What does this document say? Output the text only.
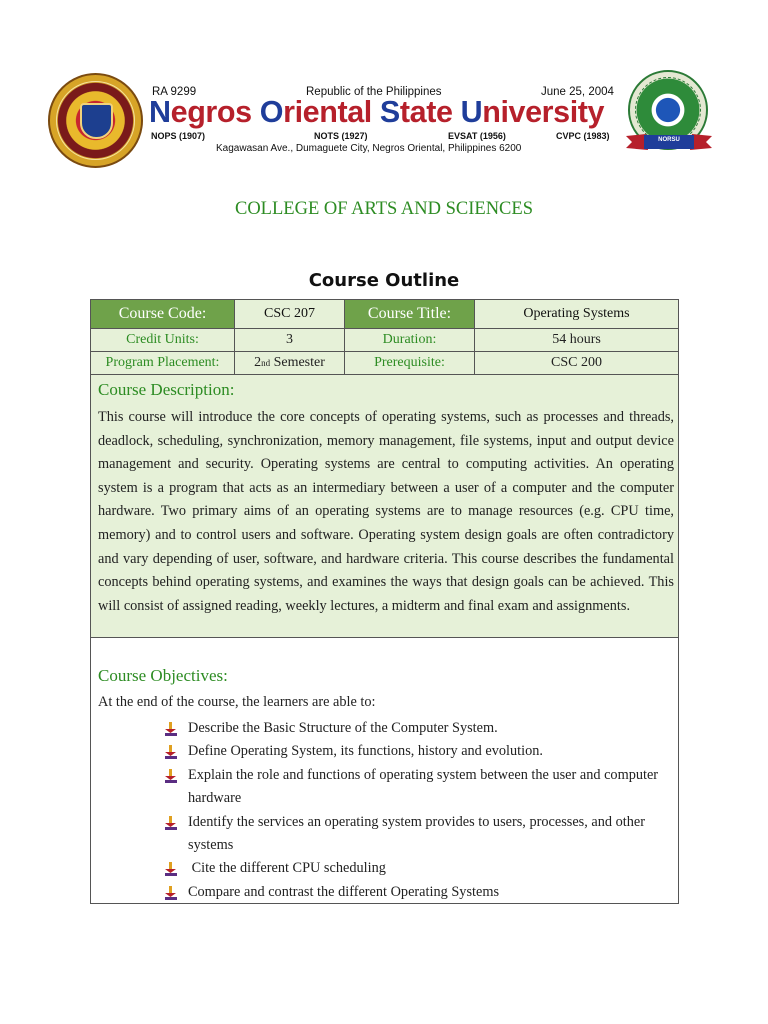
RA 9299	Republic of the Philippines	June 25, 2004
Negros Oriental State University
NOPS (1907)	NOTS (1927)	EVSAT (1956)	CVPC (1983)
Kagawasan Ave., Dumaguete City, Negros Oriental, Philippines 6200
NORSU
COLLEGE OF ARTS AND SCIENCES
Course Outline
Course Code:	CSC 207	Course Title:	Operating Systems
Credit Units:	3	Duration:	54 hours
Program Placement:	2 nd Semester	Prerequisite:	CSC 200
Course Description:
This course will introduce the core concepts of operating systems, such as processes and threads, deadlock, scheduling, synchronization, memory management, file systems, input and output device management and security. Operating systems are central to computing activities. An operating system is a program that acts as an intermediary between a user of a computer and the computer hardware. Two primary aims of an operating systems are to manage resources (e.g. CPU time, memory) and to control users and software. Operating system design goals are often contradictory and vary depending of user, software, and hardware criteria. This course describes the fundamental concepts behind operating systems, and examines the ways that design goals can be achieved. This will consist of assigned reading, weekly lectures, a midterm and final exam and assignments.
Course Objectives:
At the end of the course, the learners are able to:
Describe the Basic Structure of the Computer System.
Define Operating System, its functions, history and evolution.
Explain the role and functions of operating system between the user and computer hardware
Identify the services an operating system provides to users, processes, and other systems
Cite the different CPU scheduling
Compare and contrast the different Operating Systems
